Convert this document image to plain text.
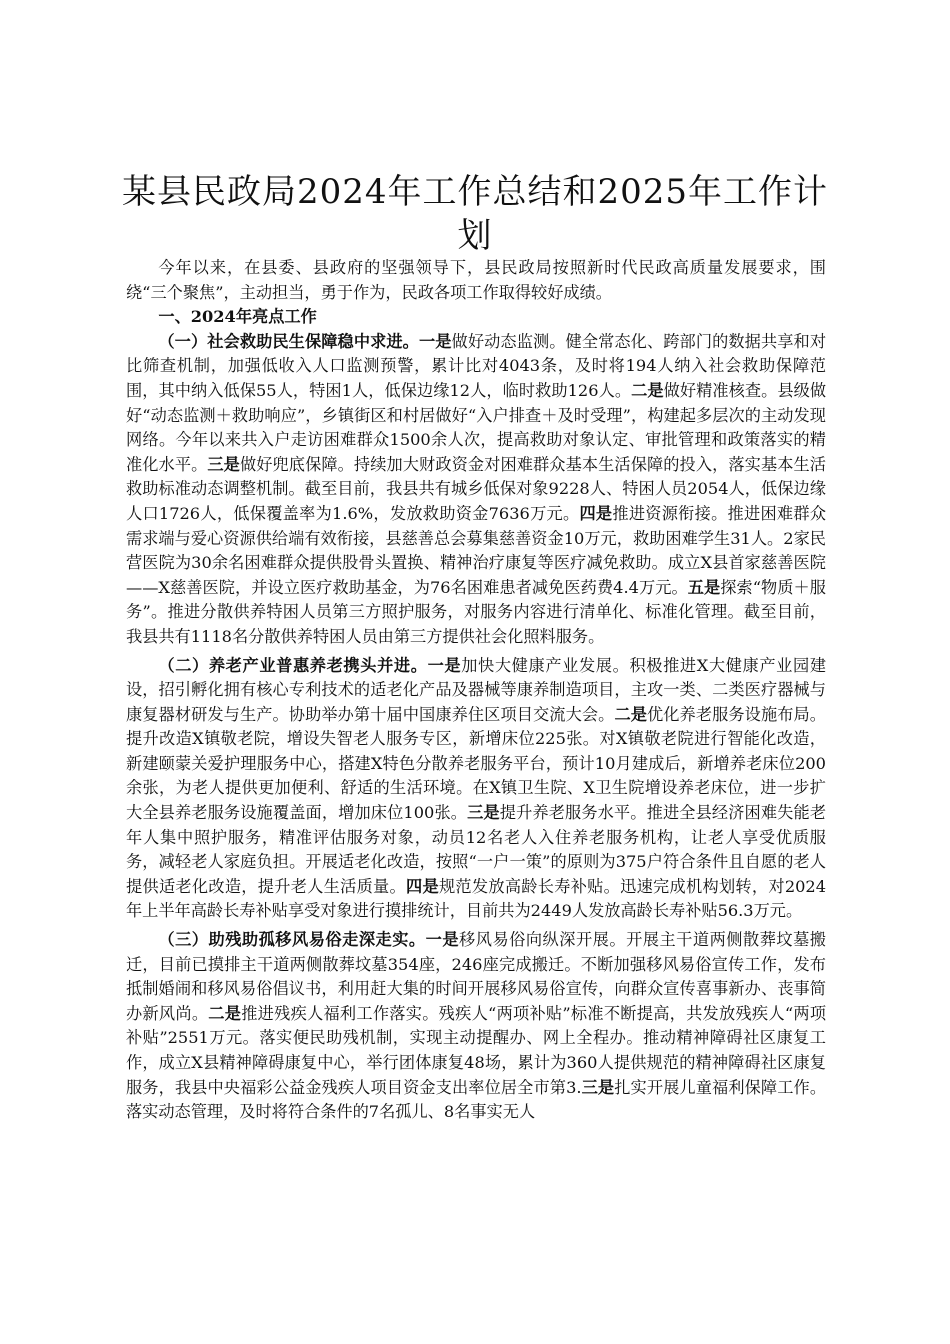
某县民政局2024年工作总结和2025年工作计
划

今年以来，在县委、县政府的坚强领导下，县民政局按照新时代民政高质量发展要求，围绕“三个聚焦”，主动担当，勇于作为，民政各项工作取得较好成绩。

一、2024年亮点工作

（一）社会救助民生保障稳中求进。一是做好动态监测。健全常态化、跨部门的数据共享和对比筛查机制，加强低收入人口监测预警，累计比对4043条，及时将194人纳入社会救助保障范围，其中纳入低保55人，特困1人，低保边缘12人，临时救助126人。二是做好精准核查。县级做好“动态监测＋救助响应”，乡镇街区和村居做好“入户排查＋及时受理”，构建起多层次的主动发现网络。今年以来共入户走访困难群众1500余人次，提高救助对象认定、审批管理和政策落实的精准化水平。三是做好兜底保障。持续加大财政资金对困难群众基本生活保障的投入，落实基本生活救助标准动态调整机制。截至目前，我县共有城乡低保对象9228人、特困人员2054人，低保边缘人口1726人，低保覆盖率为1.6%，发放救助资金7636万元。四是推进资源衔接。推进困难群众需求端与爱心资源供给端有效衔接，县慈善总会募集慈善资金10万元，救助困难学生31人。2家民营医院为30余名困难群众提供股骨头置换、精神治疗康复等医疗减免救助。成立X县首家慈善医院——X慈善医院，并设立医疗救助基金，为76名困难患者减免医药费4.4万元。五是探索“物质＋服务”。推进分散供养特困人员第三方照护服务，对服务内容进行清单化、标准化管理。截至目前，我县共有1118名分散供养特困人员由第三方提供社会化照料服务。

（二）养老产业普惠养老携头并进。一是加快大健康产业发展。积极推进X大健康产业园建设，招引孵化拥有核心专利技术的适老化产品及器械等康养制造项目，主攻一类、二类医疗器械与康复器材研发与生产。协助举办第十届中国康养住区项目交流大会。二是优化养老服务设施布局。提升改造X镇敬老院，增设失智老人服务专区，新增床位225张。对X镇敬老院进行智能化改造，新建颐蒙关爱护理服务中心，搭建X特色分散养老服务平台，预计10月建成后，新增养老床位200余张，为老人提供更加便利、舒适的生活环境。在X镇卫生院、X卫生院增设养老床位，进一步扩大全县养老服务设施覆盖面，增加床位100张。三是提升养老服务水平。推进全县经济困难失能老年人集中照护服务，精准评估服务对象，动员12名老人入住养老服务机构，让老人享受优质服务，减轻老人家庭负担。开展适老化改造，按照“一户一策”的原则为375户符合条件且自愿的老人提供适老化改造，提升老人生活质量。四是规范发放高龄长寿补贴。迅速完成机构划转，对2024年上半年高龄长寿补贴享受对象进行摸排统计，目前共为2449人发放高龄长寿补贴56.3万元。

（三）助残助孤移风易俗走深走实。一是移风易俗向纵深开展。开展主干道两侧散葬坟墓搬迁，目前已摸排主干道两侧散葬坟墓354座，246座完成搬迁。不断加强移风易俗宣传工作，发布抵制婚闹和移风易俗倡议书，利用赶大集的时间开展移风易俗宣传，向群众宣传喜事新办、丧事简办新风尚。二是推进残疾人福利工作落实。残疾人“两项补贴”标准不断提高，共发放残疾人“两项补贴”2551万元。落实便民助残机制，实现主动提醒办、网上全程办。推动精神障碍社区康复工作，成立X县精神障碍康复中心，举行团体康复48场，累计为360人提供规范的精神障碍社区康复服务，我县中央福彩公益金残疾人项目资金支出率位居全市第3.三是扎实开展儿童福利保障工作。落实动态管理，及时将符合条件的7名孤儿、8名事实无人
